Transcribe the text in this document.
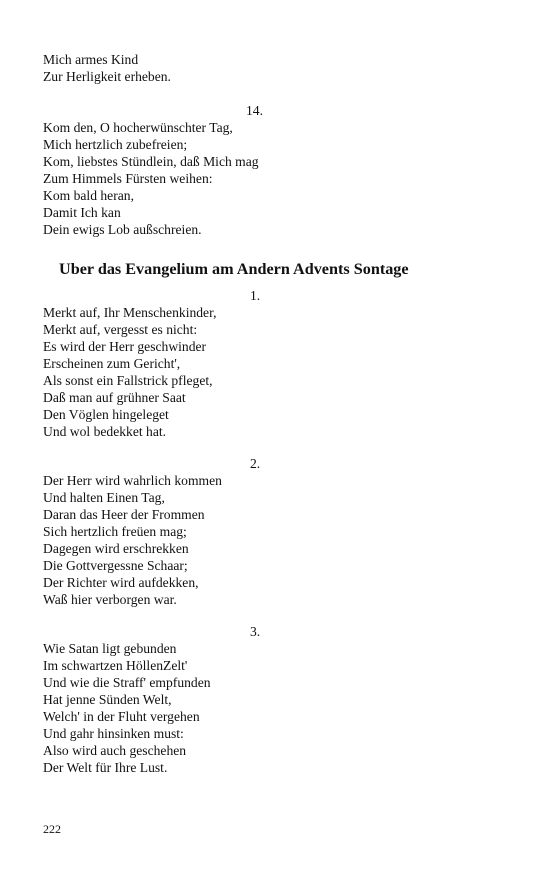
Mich armes Kind
Zur Herligkeit erheben.
14.
Kom den, O hocherwünschter Tag,
Mich hertzlich zubefreien;
Kom, liebstes Stündlein, daß Mich mag
Zum Himmels Fürsten weihen:
Kom bald heran,
Damit Ich kan
Dein ewigs Lob außschreien.
Uber das Evangelium am Andern Advents Sontage
1.
Merkt auf, Ihr Menschenkinder,
Merkt auf, vergesst es nicht:
Es wird der Herr geschwinder
Erscheinen zum Gericht',
Als sonst ein Fallstrick pfleget,
Daß man auf grühner Saat
Den Vöglen hingeleget
Und wol bedekket hat.
2.
Der Herr wird wahrlich kommen
Und halten Einen Tag,
Daran das Heer der Frommen
Sich hertzlich freüen mag;
Dagegen wird erschrekken
Die Gottvergessne Schaar;
Der Richter wird aufdekken,
Waß hier verborgen war.
3.
Wie Satan ligt gebunden
Im schwartzen HöllenZelt'
Und wie die Straff' empfunden
Hat jenne Sünden Welt,
Welch' in der Fluht vergehen
Und gahr hinsinken must:
Also wird auch geschehen
Der Welt für Ihre Lust.
222
